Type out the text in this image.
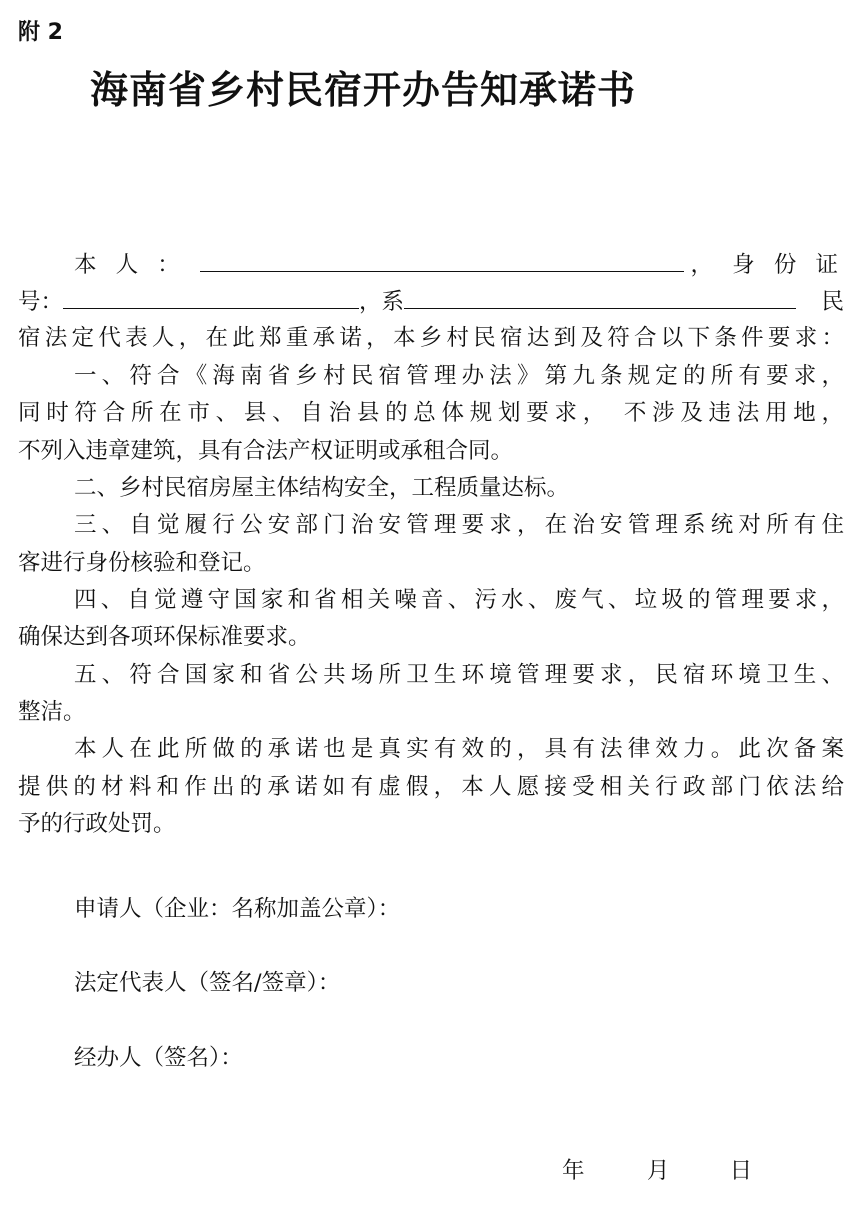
附 2
海南省乡村民宿开办告知承诺书
本 人 ：	， 身 份 证
号：	，系	民
宿法定代表人，在此郑重承诺，本乡村民宿达到及符合以下条件要求：
一、符合《海南省乡村民宿管理办法》第九条规定的所有要求，
同时符合所在市、县、自治县的总体规划要求， 不涉及违法用地，
不列入违章建筑，具有合法产权证明或承租合同。
二、乡村民宿房屋主体结构安全，工程质量达标。
三、自觉履行公安部门治安管理要求，在治安管理系统对所有住
客进行身份核验和登记。
四、自觉遵守国家和省相关噪音、污水、废气、垃圾的管理要求，
确保达到各项环保标准要求。
五、符合国家和省公共场所卫生环境管理要求，民宿环境卫生、
整洁。
本人在此所做的承诺也是真实有效的，具有法律效力。此次备案
提供的材料和作出的承诺如有虚假，本人愿接受相关行政部门依法给
予的行政处罚。
申请人（企业：名称加盖公章）：
法定代表人（签名/签章）：
经办人（签名）：
年	月	日
